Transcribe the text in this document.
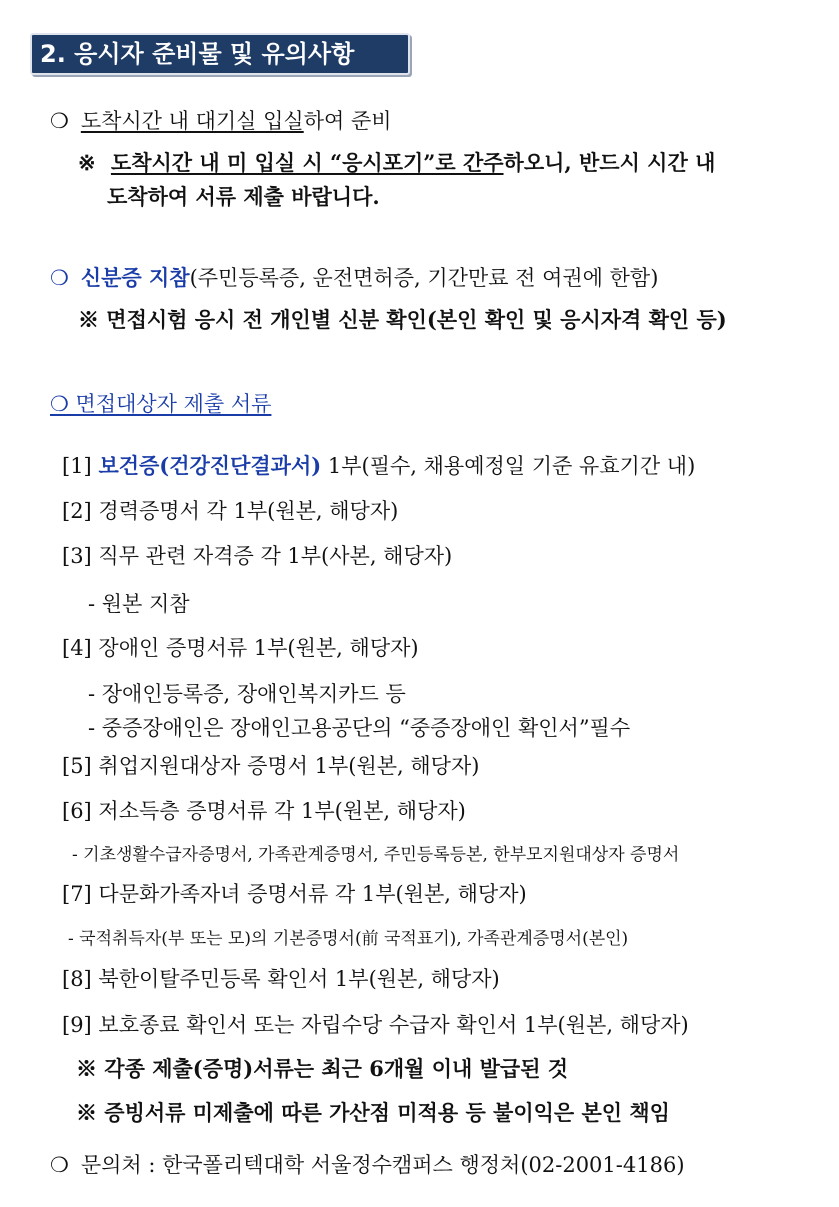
2. 응시자 준비물 및 유의사항
❍ 도착시간 내 대기실 입실하여 준비
※ 도착시간 내 미 입실 시 “응시포기”로 간주하오니, 반드시 시간 내
도착하여 서류 제출 바랍니다.
❍ 신분증 지참(주민등록증, 운전면허증, 기간만료 전 여권에 한함)
※ 면접시험 응시 전 개인별 신분 확인(본인 확인 및 응시자격 확인 등)
❍ 면접대상자 제출 서류
[1] 보건증(건강진단결과서) 1부(필수, 채용예정일 기준 유효기간 내)
[2] 경력증명서 각 1부(원본, 해당자)
[3] 직무 관련 자격증 각 1부(사본, 해당자)
- 원본 지참
[4] 장애인 증명서류 1부(원본, 해당자)
- 장애인등록증, 장애인복지카드 등
- 중증장애인은 장애인고용공단의 “중증장애인 확인서”필수
[5] 취업지원대상자 증명서 1부(원본, 해당자)
[6] 저소득층 증명서류 각 1부(원본, 해당자)
- 기초생활수급자증명서, 가족관계증명서, 주민등록등본, 한부모지원대상자 증명서
[7] 다문화가족자녀 증명서류 각 1부(원본, 해당자)
- 국적취득자(부 또는 모)의 기본증명서(前 국적표기), 가족관계증명서(본인)
[8] 북한이탈주민등록 확인서 1부(원본, 해당자)
[9] 보호종료 확인서 또는 자립수당 수급자 확인서 1부(원본, 해당자)
※ 각종 제출(증명)서류는 최근 6개월 이내 발급된 것
※ 증빙서류 미제출에 따른 가산점 미적용 등 불이익은 본인 책임
❍ 문의처 : 한국폴리텍대학 서울정수캠퍼스 행정처(02-2001-4186)
